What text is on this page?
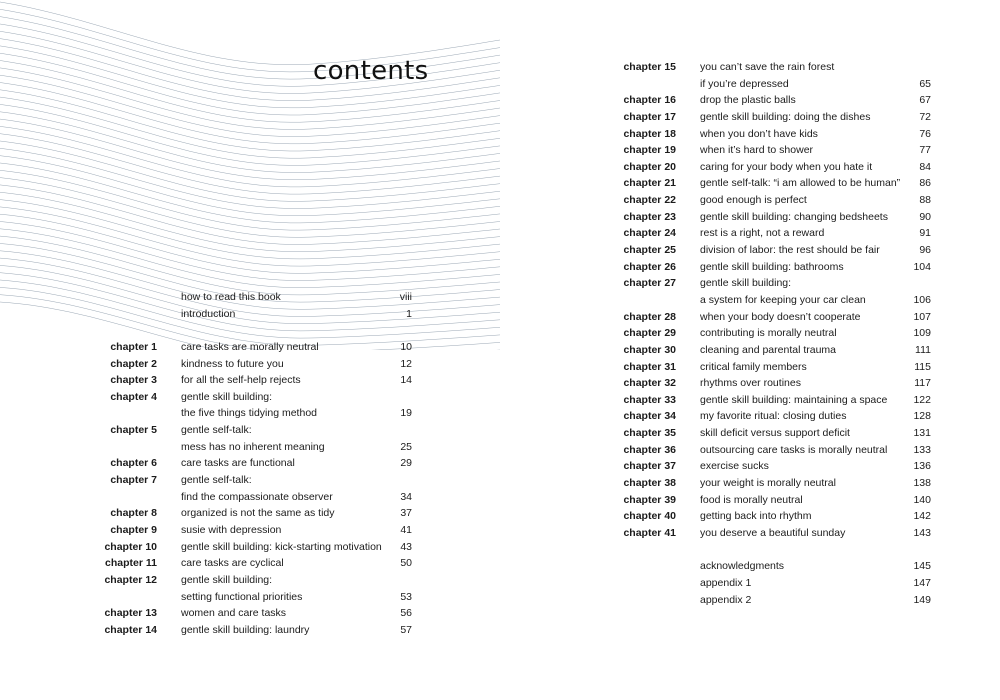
contents
how to read this book	viii
introduction	1
chapter 1 care tasks are morally neutral	10
chapter 2 kindness to future you	12
chapter 3 for all the self-help rejects	14
chapter 4 gentle skill building:
the five things tidying method	19
chapter 5 gentle self-talk:
mess has no inherent meaning	25
chapter 6 care tasks are functional	29
chapter 7 gentle self-talk:
find the compassionate observer	34
chapter 8 organized is not the same as tidy	37
chapter 9 susie with depression	41
chapter 10 gentle skill building: kick-starting motivation 43
chapter 11 care tasks are cyclical	50
chapter 12 gentle skill building:
setting functional priorities	53
chapter 13 women and care tasks	56
chapter 14 gentle skill building: laundry	57
chapter 15 you can’t save the rain forest
if you’re depressed	65
chapter 16 drop the plastic balls	67
chapter 17 gentle skill building: doing the dishes	72
chapter 18 when you don’t have kids	76
chapter 19 when it’s hard to shower	77
chapter 20 caring for your body when you hate it	84
chapter 21 gentle self-talk: “i am allowed to be human” 86
chapter 22 good enough is perfect	88
chapter 23 gentle skill building: changing bedsheets	90
chapter 24 rest is a right, not a reward	91
chapter 25 division of labor: the rest should be fair	96
chapter 26 gentle skill building: bathrooms	104
chapter 27 gentle skill building:
a system for keeping your car clean	106
chapter 28 when your body doesn’t cooperate	107
chapter 29 contributing is morally neutral	109
chapter 30 cleaning and parental trauma	111
chapter 31 critical family members	115
chapter 32 rhythms over routines	117
chapter 33 gentle skill building: maintaining a space 122
chapter 34 my favorite ritual: closing duties	128
chapter 35 skill deficit versus support deficit	131
chapter 36 outsourcing care tasks is morally neutral 133
chapter 37 exercise sucks	136
chapter 38 your weight is morally neutral	138
chapter 39 food is morally neutral	140
chapter 40 getting back into rhythm	142
chapter 41 you deserve a beautiful sunday	143
acknowledgments	145
appendix 1	147
appendix 2	149
